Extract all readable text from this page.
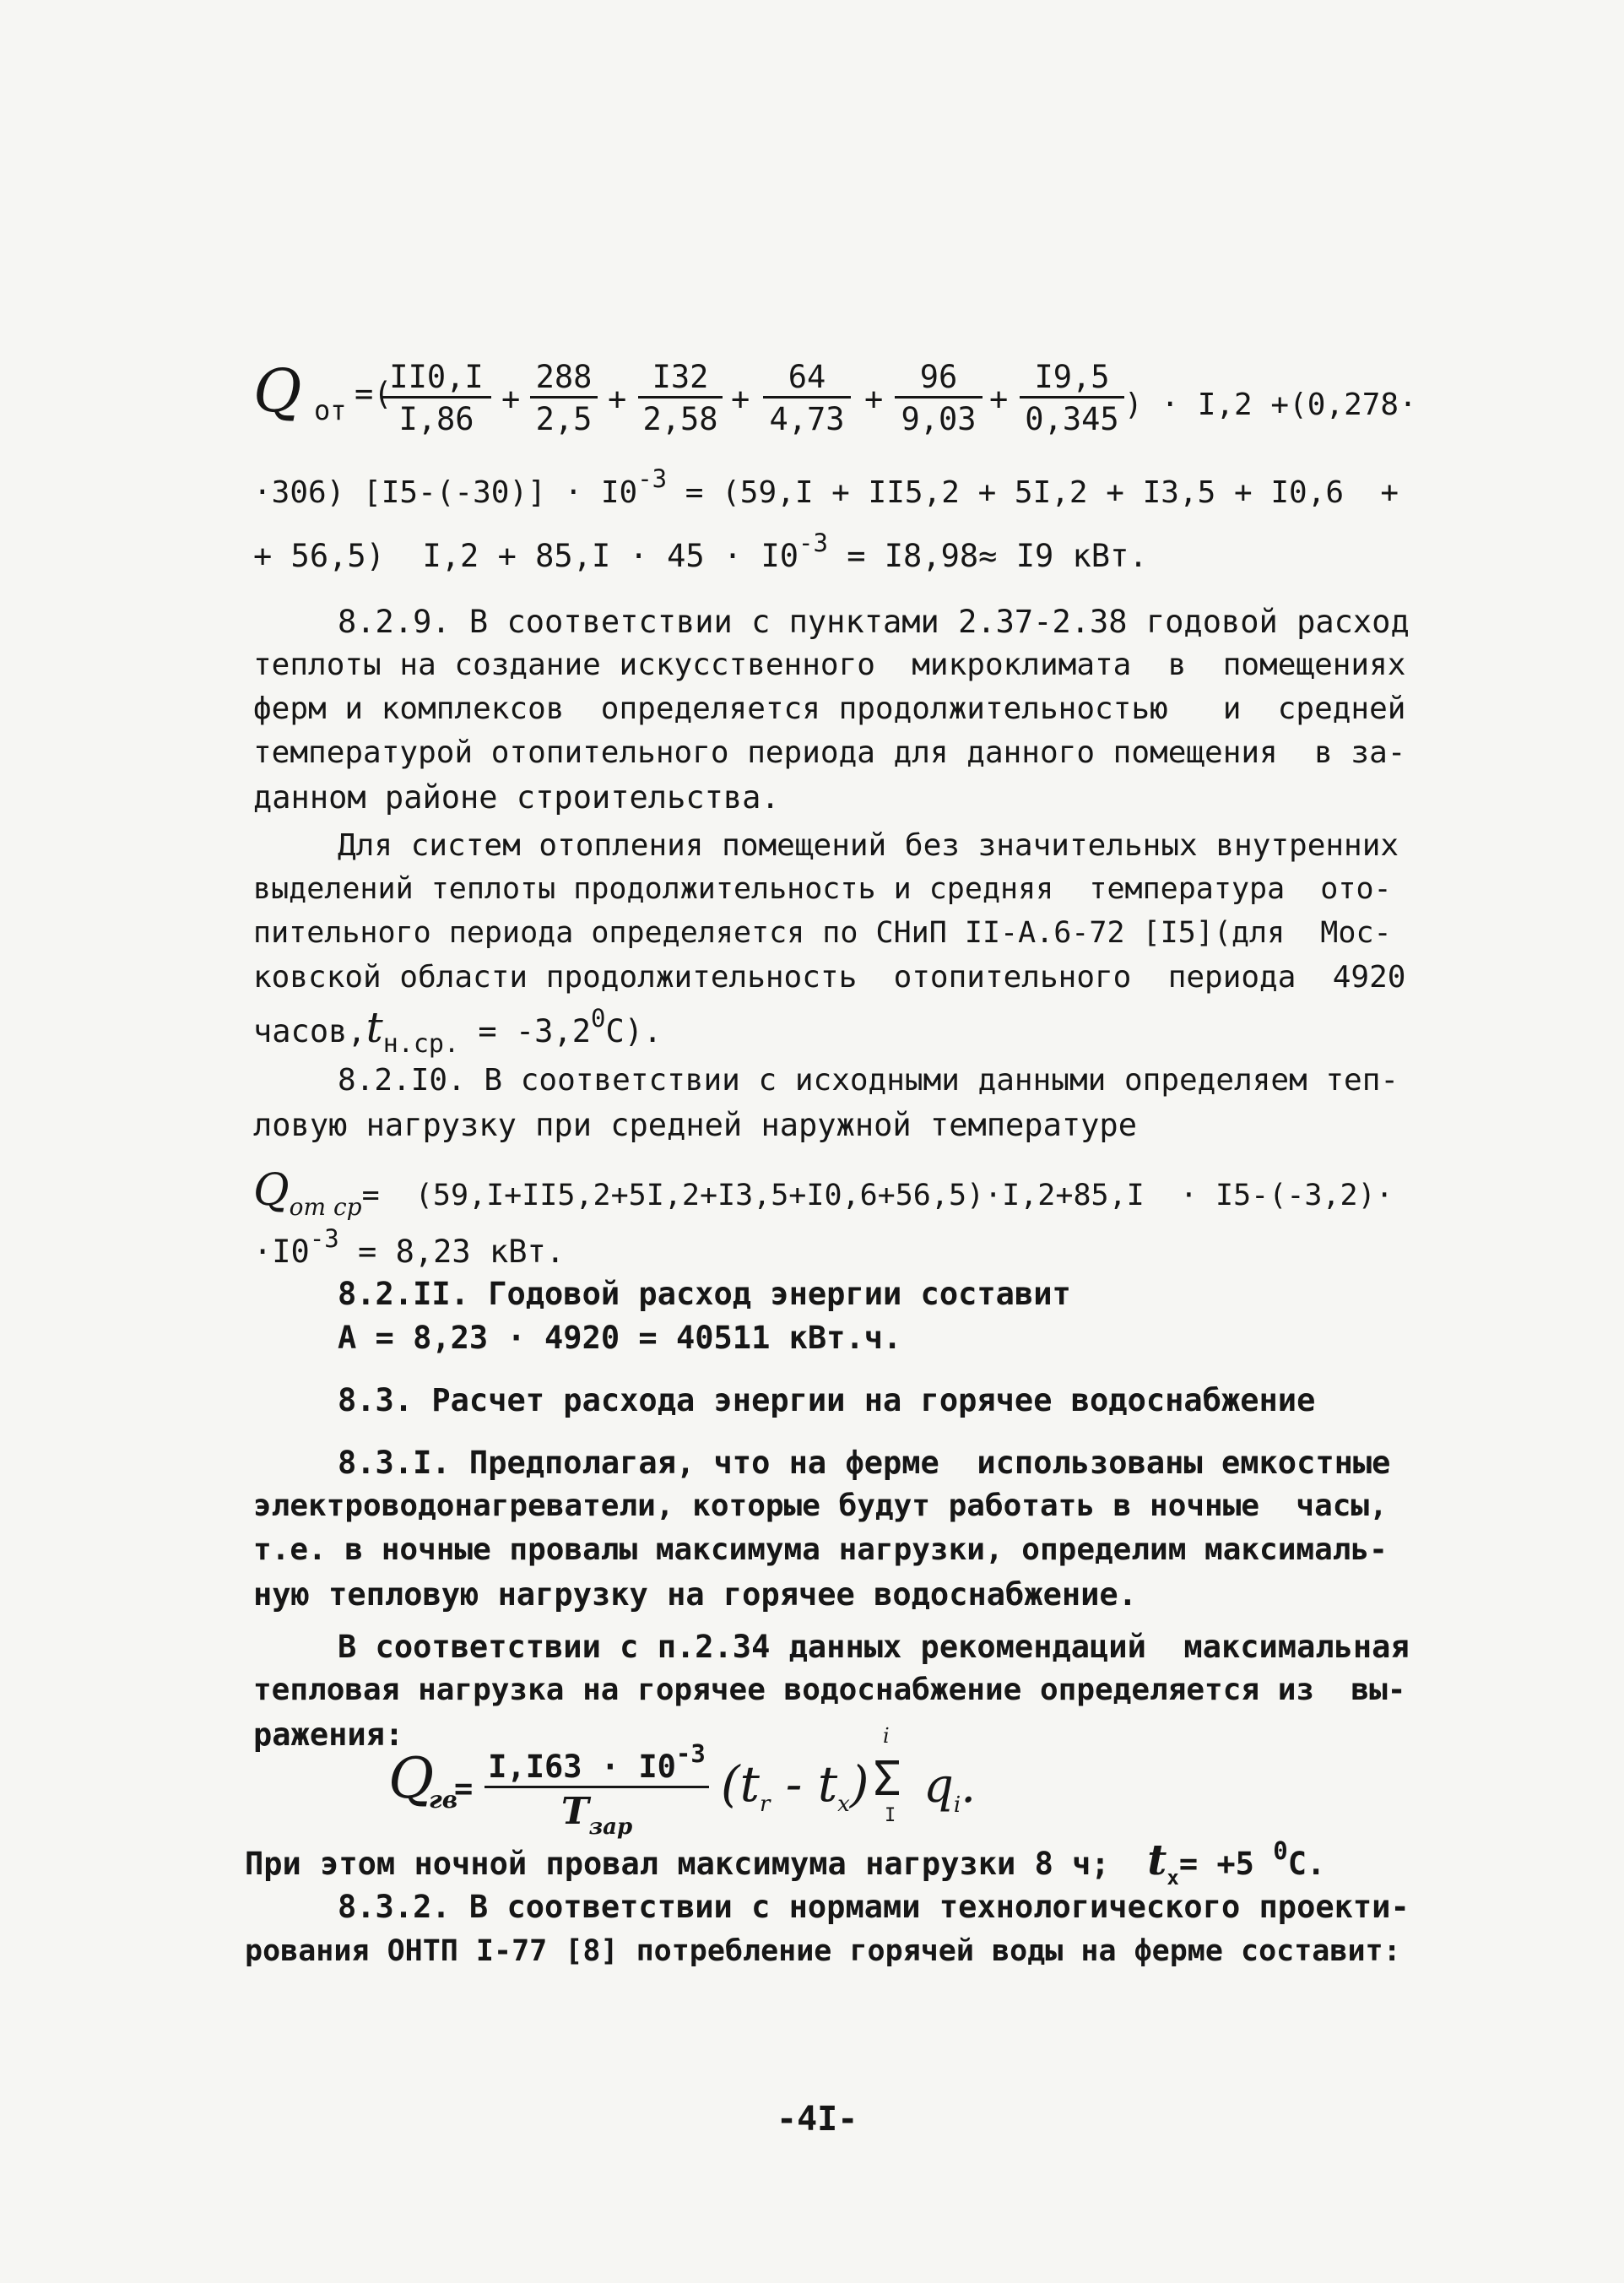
Q от =(
$\frac{II0,I}{I,86} + \frac{288}{2,5} + \frac{I32}{2,58} + \frac{64}{4,73} + \frac{96}{9,03} + \frac{I9,5}{0,345}$ ) · I,2 +(0,278·
·306) $[I5-(-30)] \cdot I0^{-3} = (59,I + II5,2 + 5I,2 + I3,5 + I0,6$  +
+ 56,5)  $I,2 + 85,I \cdot 45 \cdot I0^{-3} = I8,98\approx I9$ кВт.
8.2.9. В соответствии с пунктами 2.37-2.38 годовой расход
теплоты на создание искусственного  микроклимата  в  помещениях
ферм и комплексов  определяется продолжительностью   и  средней
температурой отопительного периода для данного помещения  в за-
данном районе строительства.
Для систем отопления помещений без значительных внутренних
выделений теплоты продолжительность и средняя  температура  ото-
пительного периода определяется по СНиП II-А.6-72 [I5](для  Мос-
ковской области продолжительность  отопительного  периода  4920
$часов,t_{н.ср.} = -3,2^0С$).
8.2.I0. В соответствии с исходными данными определяем теп-
ловую нагрузку при средней наружной температуре
$Q_{от ср}= (59,I+II5,2+5I,2+I3,5+I0,6+56,5)\cdot I,2+85,I \cdot I5-(-3,2)\cdot$
$\cdot I0^{-3} = 8,23$ кВт.
8.2.II. Годовой расход энергии составит
A = 8,23 · 4920 = 40511 кВт.ч.
8.3. Расчет расхода энергии на горячее водоснабжение
8.3.I. Предполагая, что на ферме  использованы емкостные
электроводонагреватели, которые будут работать в ночные  часы,
т.е. в ночные провалы максимума нагрузки, определим максималь-
ную тепловую нагрузку на горячее водоснабжение.
В соответствии с п.2.34 данных рекомендаций  максимальная
тепловая нагрузка на горячее водоснабжение определяется из  вы-
ражения:
Q
гв
=
$I,I63 \cdot I0^{-3}$
$T_{зар}$
$(t_r - t_x)$
i
Σ
I
$q_i$.
При этом ночной провал максимума нагрузки 8 ч; $t_x= +5$ $^0$С.
8.3.2. В соответствии с нормами технологического проекти-
рования ОНТП I-77 [8] потребление горячей воды на ферме составит:
-4I-
